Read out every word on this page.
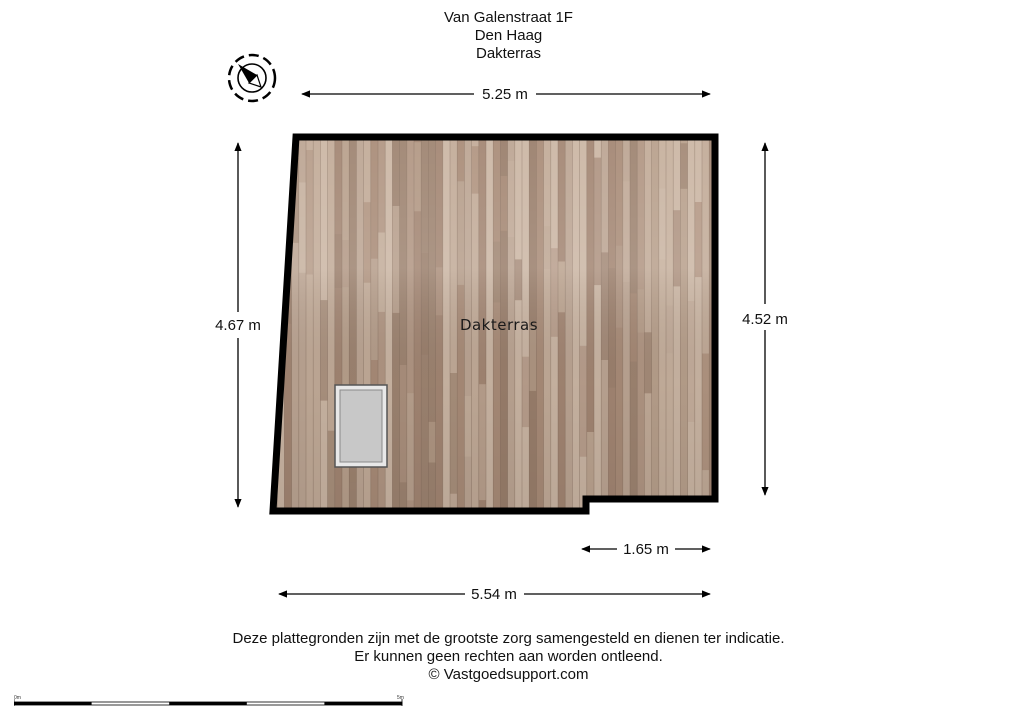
Van Galenstraat 1F
Den Haag
Dakterras
Dakterras
5.25 m
4.67 m	4.52 m
1.65 m
5.54 m
Deze plattegronden zijn met de grootste zorg samengesteld en dienen ter indicatie.
Er kunnen geen rechten aan worden ontleend.
© Vastgoedsupport.com
0m	5m
